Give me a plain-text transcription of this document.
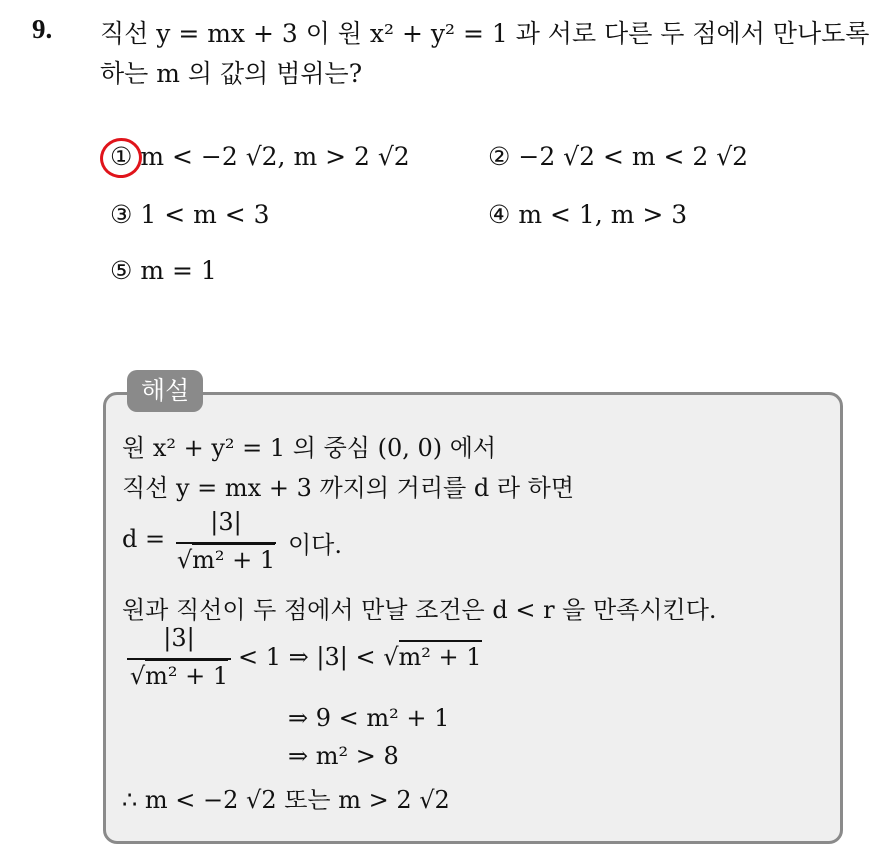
9. 직선 y = mx + 3 이 원 x² + y² = 1 과 서로 다른 두 점에서 만나도록
하는 m 의 값의 범위는?
① m < −2 √2, m > 2 √2	② −2 √2 < m < 2 √2
③ 1 < m < 3	④ m < 1, m > 3
⑤ m = 1
해설
원 x² + y² = 1 의 중심 (0, 0) 에서
직선 y = mx + 3 까지의 거리를 d 라 하면
d =
|3|
√m² + 1
이다.
원과 직선이 두 점에서 만날 조건은 d < r 을 만족시킨다.
|3|
√m² + 1
< 1 ⇒ |3| < √m² + 1
⇒ 9 < m² + 1
⇒ m² > 8
∴ m < −2 √2 또는 m > 2 √2
